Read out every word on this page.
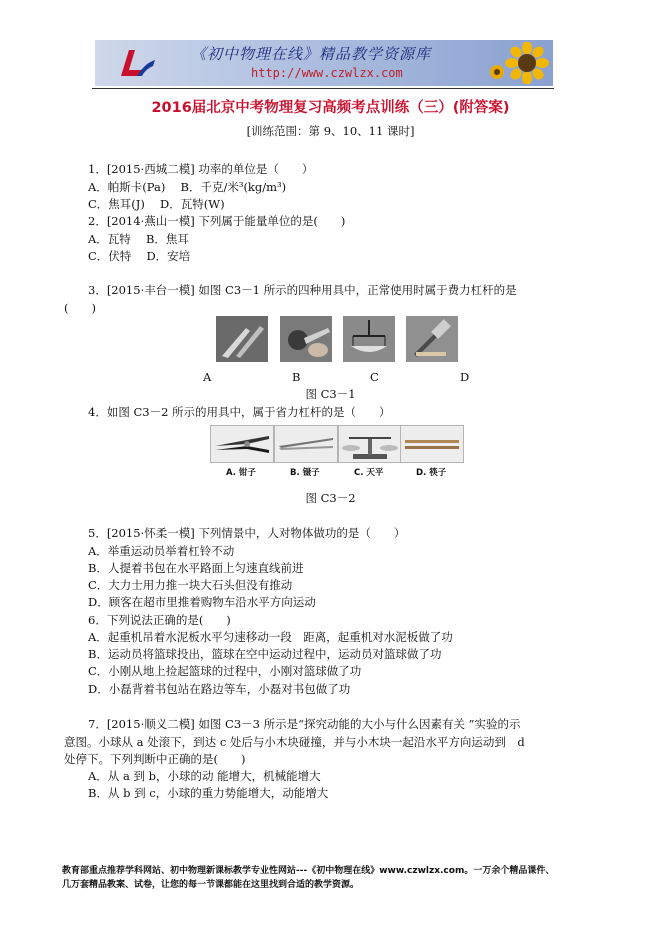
《初中物理在线》精品教学资源库
http://www.czwlzx.com
2016届北京中考物理复习高频考点训练（三）(附答案)
[训练范围：第 9、10、11 课时]
1．[2015·西城二模] 功率的单位是（　　）
A．帕斯卡(Pa)　 B．千克/米³(kg/m³)
C．焦耳(J)　 D．瓦特(W)
2．[2014·燕山一模] 下列属于能量单位的是(　　)
A．瓦特　 B．焦耳
C．伏特　 D．安培
3．[2015·丰台一模] 如图 C3－1 所示的四种用具中，正常使用时属于费力杠杆的是
(　　)
A	B	C	D
图 C3－1
4．如图 C3－2 所示的用具中，属于省力杠杆的是（　　）
A. 钳子	B. 镊子	C. 天平	D. 筷子
图 C3－2
5．[2015·怀柔一模] 下列情景中，人对物体做功的是（　　）
A．举重运动员举着杠铃不动
B．人提着书包在水平路面上匀速直线前进
C．大力士用力推一块大石头但没有推动
D．顾客在超市里推着购物车沿水平方向运动
6．下列说法正确的是(　　)
A．起重机吊着水泥板水平匀速移动一段　距离，起重机对水泥板做了功
B．运动员将篮球投出，篮球在空中运动过程中，运动员对篮球做了功
C．小刚从地上捡起篮球的过程中，小刚对篮球做了功
D．小磊背着书包站在路边等车，小磊对书包做了功
7．[2015·顺义二模] 如图 C3－3 所示是“探究动能的大小与什么因素有关 ”实验的示
意图。小球从 a 处滚下，到达 c 处后与小木块碰撞，并与小木块一起沿水平方向运动到　d
处停下。下列判断中正确的是(　　)
A．从 a 到 b，小球的动 能增大，机械能增大
B．从 b 到 c，小球的重力势能增大，动能增大
教育部重点推荐学科网站、初中物理新课标教学专业性网站---《初中物理在线》www.czwlzx.com。一万余个精品课件、
几万套精品教案、试卷，让您的每一节课都能在这里找到合适的教学资源。
